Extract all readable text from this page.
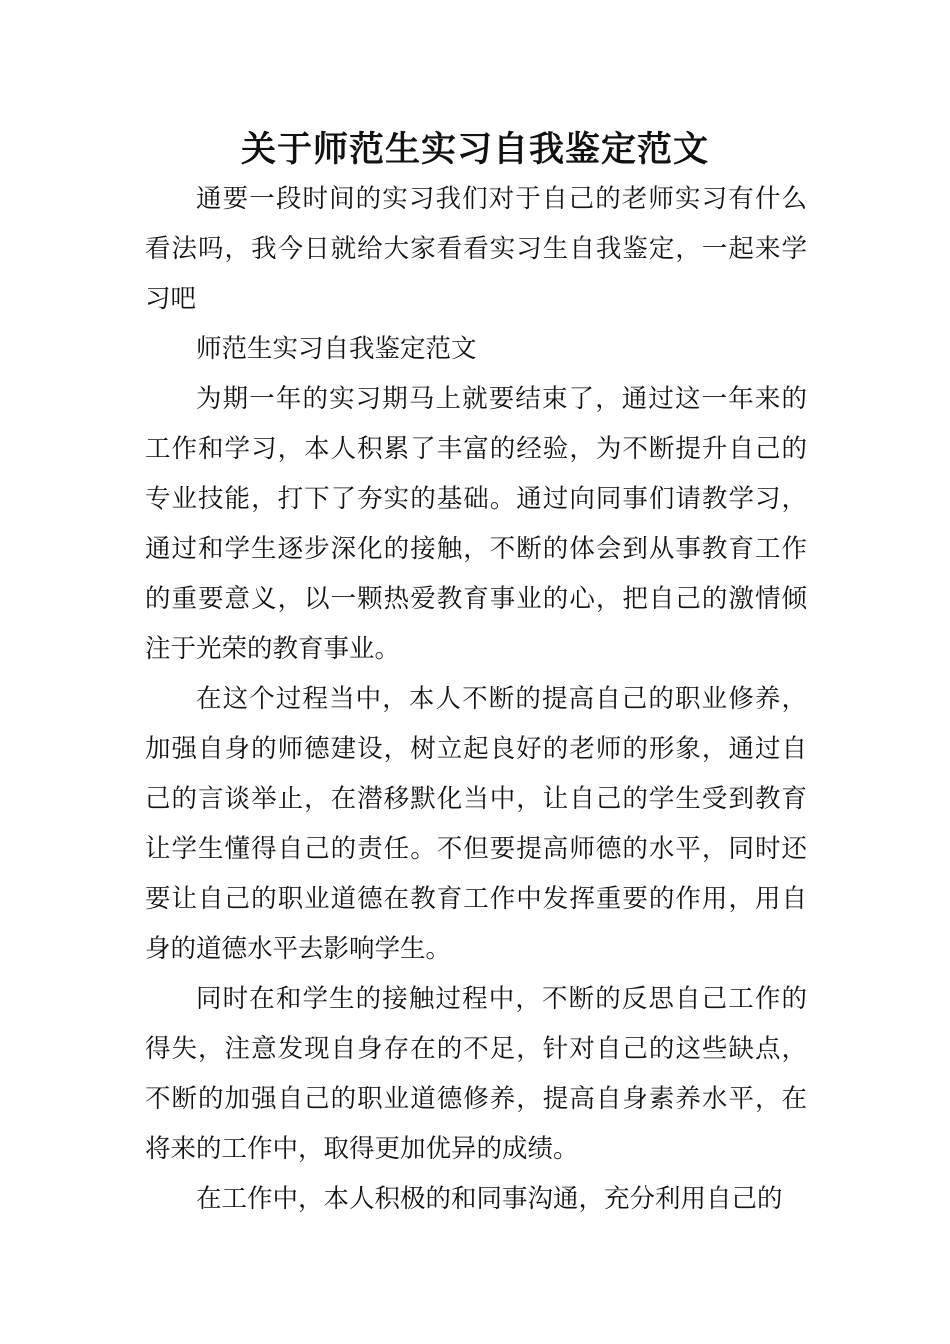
关于师范生实习自我鉴定范文

通要一段时间的实习我们对于自己的老师实习有什么看法吗，我今日就给大家看看实习生自我鉴定，一起来学习吧

师范生实习自我鉴定范文

为期一年的实习期马上就要结束了，通过这一年来的工作和学习，本人积累了丰富的经验，为不断提升自己的专业技能，打下了夯实的基础。通过向同事们请教学习，通过和学生逐步深化的接触，不断的体会到从事教育工作的重要意义，以一颗热爱教育事业的心，把自己的激情倾注于光荣的教育事业。

在这个过程当中，本人不断的提高自己的职业修养，加强自身的师德建设，树立起良好的老师的形象，通过自己的言谈举止，在潜移默化当中，让自己的学生受到教育让学生懂得自己的责任。不但要提高师德的水平，同时还要让自己的职业道德在教育工作中发挥重要的作用，用自身的道德水平去影响学生。

同时在和学生的接触过程中，不断的反思自己工作的得失，注意发现自身存在的不足，针对自己的这些缺点，不断的加强自己的职业道德修养，提高自身素养水平，在将来的工作中，取得更加优异的成绩。

在工作中，本人积极的和同事沟通，充分利用自己的
